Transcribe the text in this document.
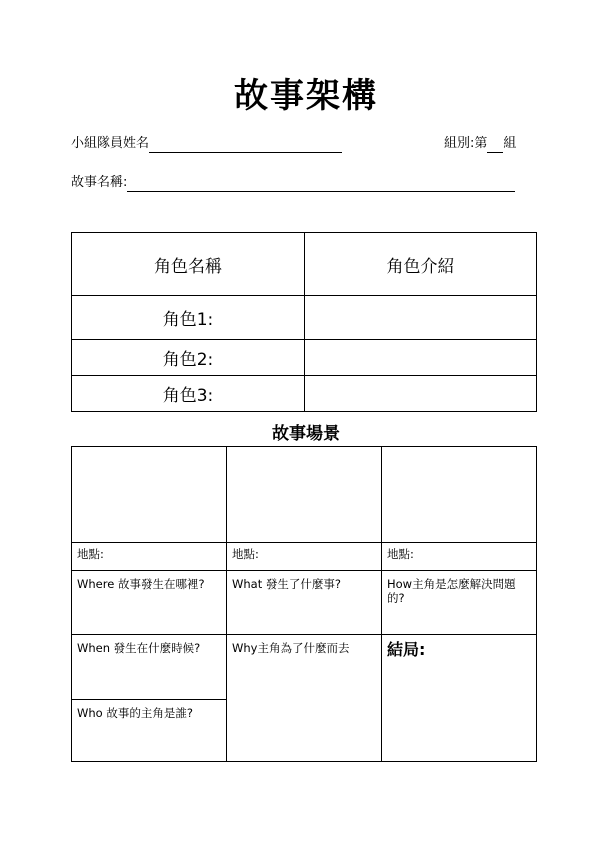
故事架構
小組隊員姓名	組別:第 組
故事名稱:
角色名稱	角色介紹
角色1:	
角色2:	
角色3:	
故事場景
地點:	地點:	地點:
Where 故事發生在哪裡?	What 發生了什麼事?	How主角是怎麼解決問題的?
When 發生在什麼時候?	Why主角為了什麼而去	結局:
Who 故事的主角是誰?
